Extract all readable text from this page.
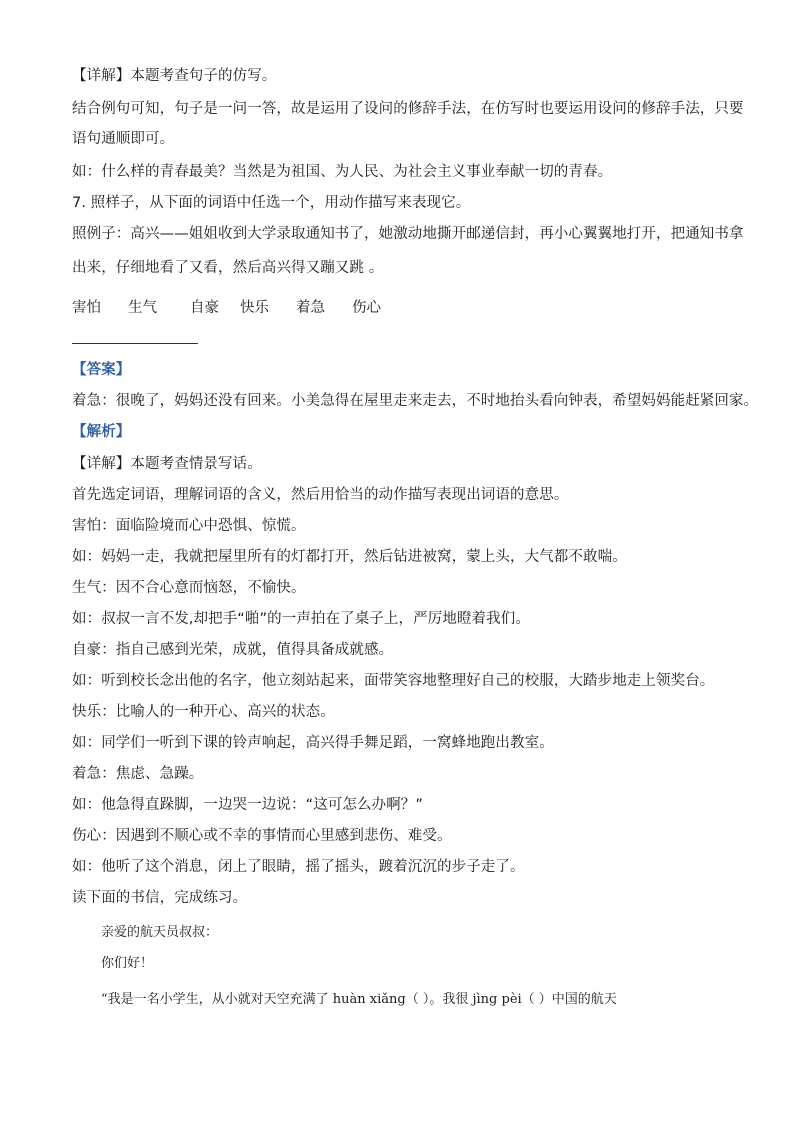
【详解】本题考查句子的仿写。
结合例句可知，句子是一问一答，故是运用了设问的修辞手法，在仿写时也要运用设问的修辞手法，只要
语句通顺即可。
如：什么样的青春最美？当然是为祖国、为人民、为社会主义事业奉献一切的青春。
7. 照样子，从下面的词语中任选一个，用动作描写来表现它。
照例子：高兴——姐姐收到大学录取通知书了，她激动地撕开邮递信封，再小心翼翼地打开，把通知书拿
出来，仔细地看了又看，然后高兴得又蹦又跳 。
害怕 生气 自豪 快乐 着急 伤心
【答案】
着急：很晚了，妈妈还没有回来。小美急得在屋里走来走去，不时地抬头看向钟表，希望妈妈能赶紧回家。
【解析】
【详解】本题考查情景写话。
首先选定词语，理解词语的含义，然后用恰当的动作描写表现出词语的意思。
害怕：面临险境而心中恐惧、惊慌。
如：妈妈一走，我就把屋里所有的灯都打开，然后钻进被窝，蒙上头，大气都不敢喘。
生气：因不合心意而恼怒，不愉快。
如：叔叔一言不发,却把手“啪”的一声拍在了桌子上，严厉地瞪着我们。
自豪：指自己感到光荣，成就，值得具备成就感。
如：听到校长念出他的名字，他立刻站起来，面带笑容地整理好自己的校服，大踏步地走上领奖台。
快乐：比喻人的一种开心、高兴的状态。
如：同学们一听到下课的铃声响起，高兴得手舞足蹈，一窝蜂地跑出教室。
着急：焦虑、急躁。
如：他急得直跺脚，一边哭一边说：“这可怎么办啊？”
伤心：因遇到不顺心或不幸的事情而心里感到悲伤、难受。
如：他听了这个消息，闭上了眼睛，摇了摇头，踱着沉沉的步子走了。
读下面的书信，完成练习。
亲爱的航天员叔叔：
你们好！
“我是一名小学生，从小就对天空充满了 huàn xiǎng（ ）。我很 jìng pèi（ ）中国的航天
